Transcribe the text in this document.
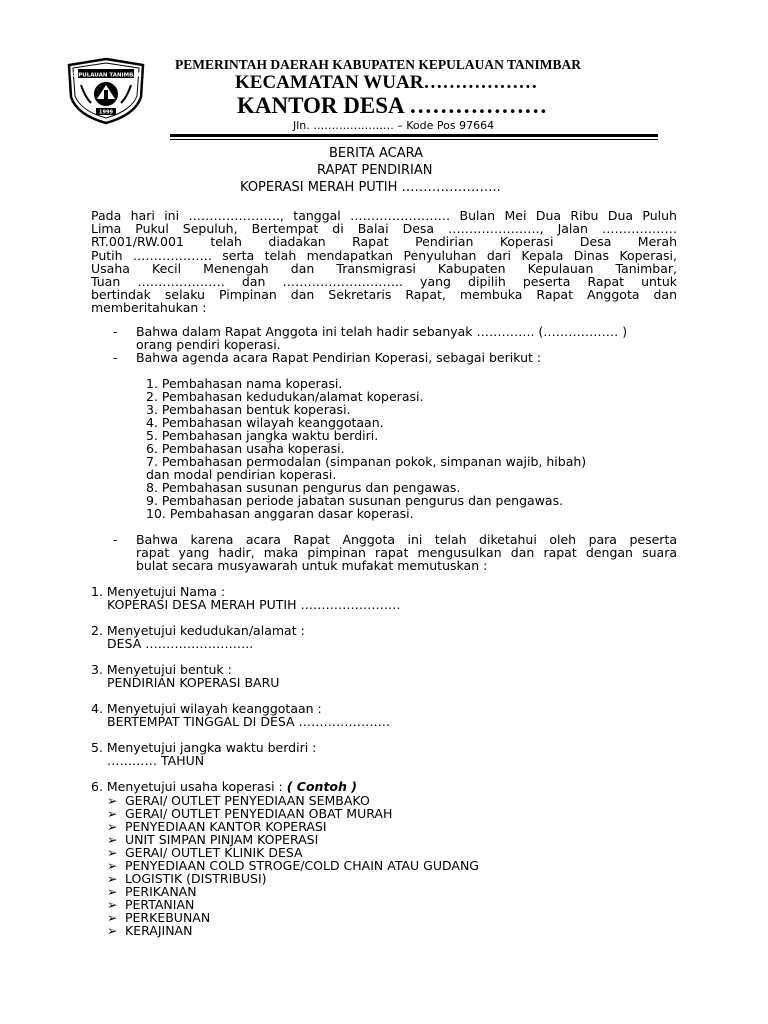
KEPULAUAN TANIMBAR
1999
PEMERINTAH DAERAH KABUPATEN KEPULAUAN TANIMBAR
KECAMATAN WUAR………………
KANTOR DESA ………………
Jln. …………………. – Kode Pos 97664
BERITA ACARA
RAPAT PENDIRIAN
KOPERASI MERAH PUTIH …………………..
Pada hari ini …………………., tanggal …………………… Bulan Mei Dua Ribu Dua Puluh
Lima Pukul Sepuluh, Bertempat di Balai Desa …………………., Jalan ………………
RT.001/RW.001 telah diadakan Rapat Pendirian Koperasi Desa Merah
Putih ………………. serta telah mendapatkan Penyuluhan dari Kepala Dinas Koperasi,
Usaha Kecil Menengah dan Transmigrasi Kabupaten Kepulauan Tanimbar,
Tuan ………………… dan ……………………….. yang dipilih peserta Rapat untuk
bertindak selaku Pimpinan dan Sekretaris Rapat, membuka Rapat Anggota dan
memberitahukan :
- Bahwa dalam Rapat Anggota ini telah hadir sebanyak ………….. (……………… )
orang pendiri koperasi.
- Bahwa agenda acara Rapat Pendirian Koperasi, sebagai berikut :
1. Pembahasan nama koperasi.
2. Pembahasan kedudukan/alamat koperasi.
3. Pembahasan bentuk koperasi.
4. Pembahasan wilayah keanggotaan.
5. Pembahasan jangka waktu berdiri.
6. Pembahasan usaha koperasi.
7. Pembahasan permodalan (simpanan pokok, simpanan wajib, hibah)
dan modal pendirian koperasi.
8. Pembahasan susunan pengurus dan pengawas.
9. Pembahasan periode jabatan susunan pengurus dan pengawas.
10. Pembahasan anggaran dasar koperasi.
- Bahwa karena acara Rapat Anggota ini telah diketahui oleh para peserta
rapat yang hadir, maka pimpinan rapat mengusulkan dan rapat dengan suara
bulat secara musyawarah untuk mufakat memutuskan :
1. Menyetujui Nama :
KOPERASI DESA MERAH PUTIH ……………………
2. Menyetujui kedudukan/alamat :
DESA ……………………..
3. Menyetujui bentuk :
PENDIRIAN KOPERASI BARU
4. Menyetujui wilayah keanggotaan :
BERTEMPAT TINGGAL DI DESA ………………….
5. Menyetujui jangka waktu berdiri :
………… TAHUN
6. Menyetujui usaha koperasi : ( Contoh )
➢ GERAI/ OUTLET PENYEDIAAN SEMBAKO
➢ GERAI/ OUTLET PENYEDIAAN OBAT MURAH
➢ PENYEDIAAN KANTOR KOPERASI
➢ UNIT SIMPAN PINJAM KOPERASI
➢ GERAI/ OUTLET KLINIK DESA
➢ PENYEDIAAN COLD STROGE/COLD CHAIN ATAU GUDANG
➢ LOGISTIK (DISTRIBUSI)
➢ PERIKANAN
➢ PERTANIAN
➢ PERKEBUNAN
➢ KERAJINAN
